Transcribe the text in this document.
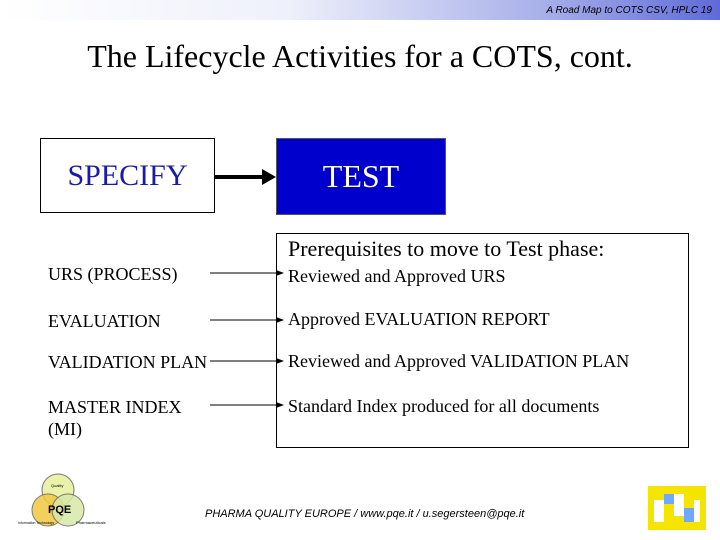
A Road Map to COTS CSV, HPLC 19
The Lifecycle Activities for a COTS, cont.
SPECIFY	TEST
Prerequisites to move to Test phase:
URS (PROCESS)
EVALUATION
VALIDATION PLAN
MASTER INDEX
(MI)
Reviewed and Approved URS
Approved EVALUATION REPORT
Reviewed and Approved VALIDATION PLAN
Standard Index produced for all documents
Quality
PQE
Information Technology	Pharmaceuticals
PHARMA QUALITY EUROPE / www.pqe.it / u.segersteen@pqe.it
